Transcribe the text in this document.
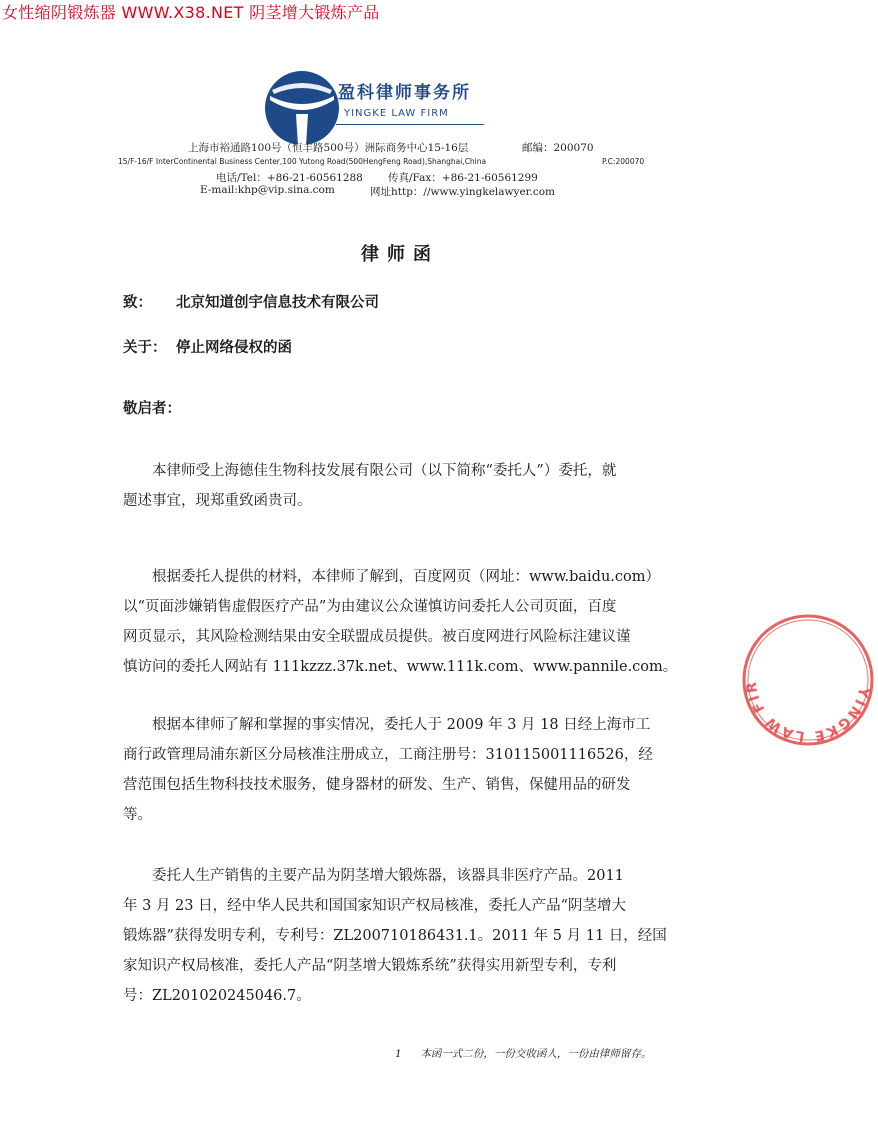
女性缩阴锻炼器 WWW.X38.NET 阴茎增大锻炼产品
盈科律师事务所
YINGKE LAW FIRM
上海市裕通路100号（恒丰路500号）洲际商务中心15-16层	邮编：200070
15/F-16/F InterContinental Business Center,100 Yutong Road(500HengFeng Road),Shanghai,China	P.C:200070
电话/Tel：+86-21-60561288 传真/Fax：+86-21-60561299
E-mail:khp@vip.sina.com	网址http：//www.yingkelawyer.com
律师函
致： 北京知道创宇信息技术有限公司
关于： 停止网络侵权的函
敬启者：
本律师受上海德佳生物科技发展有限公司（以下简称“委托人”）委托，就
题述事宜，现郑重致函贵司。
根据委托人提供的材料，本律师了解到，百度网页（网址：www.baidu.com）
以“页面涉嫌销售虚假医疗产品”为由建议公众谨慎访问委托人公司页面，百度
网页显示，其风险检测结果由安全联盟成员提供。被百度网进行风险标注建议谨
慎访问的委托人网站有 111kzzz.37k.net、www.111k.com、www.pannile.com。
根据本律师了解和掌握的事实情况，委托人于 2009 年 3 月 18 日经上海市工
商行政管理局浦东新区分局核准注册成立，工商注册号：310115001116526，经
营范围包括生物科技技术服务，健身器材的研发、生产、销售，保健用品的研发
等。
委托人生产销售的主要产品为阴茎增大锻炼器，该器具非医疗产品。2011
年 3 月 23 日，经中华人民共和国国家知识产权局核准，委托人产品“阴茎增大
锻炼器”获得发明专利，专利号：ZL200710186431.1。2011 年 5 月 11 日，经国
家知识产权局核准，委托人产品“阴茎增大锻炼系统”获得实用新型专利，专利
号：ZL201020245046.7。
1 本函一式二份，一份交收函人，一份由律师留存。
YINGKE LAW FIR
